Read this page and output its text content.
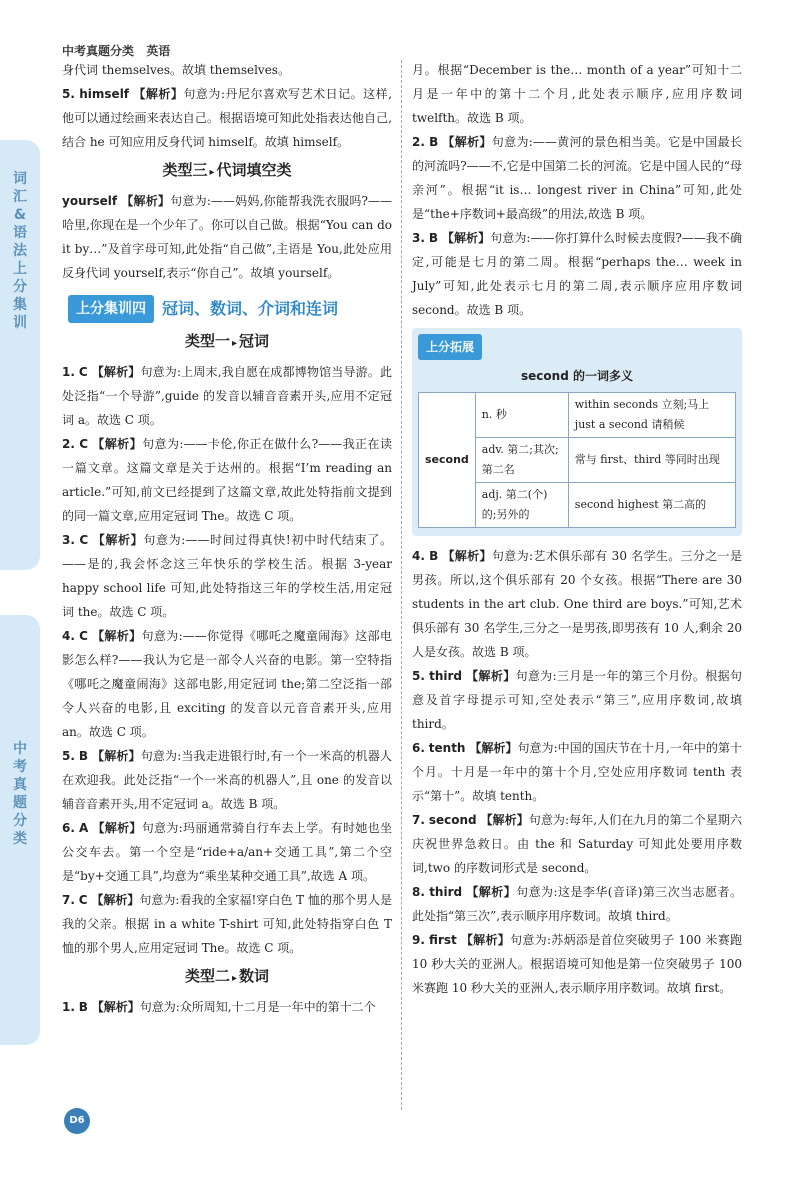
中考真题分类 英语
词汇&语法 上分集训
中考真题分类

身代词 themselves。故填 themselves。

5. himself 【解析】句意为:丹尼尔喜欢写艺术日记。这样,他可以通过绘画来表达自己。根据语境可知此处指表达他自己,结合 he 可知应用反身代词 himself。故填 himself。

类型三 ▸ 代词填空类

yourself 【解析】句意为:——妈妈,你能帮我洗衣服吗?——哈里,你现在是一个少年了。你可以自己做。根据“You can do it by…”及首字母可知,此处指“自己做”,主语是 You,此处应用反身代词 yourself,表示“你自己”。故填 yourself。

上分集训四	冠词、数词、介词和连词
类型一 ▸ 冠词

1. C 【解析】句意为:上周末,我自愿在成都博物馆当导游。此处泛指“一个导游”,guide 的发音以辅音音素开头,应用不定冠词 a。故选 C 项。

2. C 【解析】句意为:——卡伦,你正在做什么?——我正在读一篇文章。这篇文章是关于达州的。根据“I’m reading an article.”可知,前文已经提到了这篇文章,故此处特指前文提到的同一篇文章,应用定冠词 The。故选 C 项。

3. C 【解析】句意为:——时间过得真快!初中时代结束了。——是的,我会怀念这三年快乐的学校生活。根据 3-year happy school life 可知,此处特指这三年的学校生活,用定冠词 the。故选 C 项。

4. C 【解析】句意为:——你觉得《哪吒之魔童闹海》这部电影怎么样?——我认为它是一部令人兴奋的电影。第一空特指《哪吒之魔童闹海》这部电影,用定冠词 the;第二空泛指一部令人兴奋的电影,且 exciting 的发音以元音音素开头,应用 an。故选 C 项。

5. B 【解析】句意为:当我走进银行时,有一个一米高的机器人在欢迎我。此处泛指“一个一米高的机器人”,且 one 的发音以辅音音素开头,用不定冠词 a。故选 B 项。

6. A 【解析】句意为:玛丽通常骑自行车去上学。有时她也坐公交车去。第一个空是“ride+a/an+交通工具”,第二个空是“by+交通工具”,均意为“乘坐某种交通工具”,故选 A 项。

7. C 【解析】句意为:看我的全家福!穿白色 T 恤的那个男人是我的父亲。根据 in a white T-shirt 可知,此处特指穿白色 T 恤的那个男人,应用定冠词 The。故选 C 项。

类型二 ▸ 数词

1. B 【解析】句意为:众所周知,十二月是一年中的第十二个

月。根据“December is the… month of a year”可知十二月是一年中的第十二个月,此处表示顺序,应用序数词 twelfth。故选 B 项。

2. B 【解析】句意为:——黄河的景色相当美。它是中国最长的河流吗?——不,它是中国第二长的河流。它是中国人民的“母亲河”。根据“it is… longest river in China”可知,此处是“the+序数词+最高级”的用法,故选 B 项。

3. B 【解析】句意为:——你打算什么时候去度假?——我不确定,可能是七月的第二周。根据“perhaps the… week in July”可知,此处表示七月的第二周,表示顺序应用序数词 second。故选 B 项。

上分拓展
second 的一词多义
second	n. 秒	within seconds 立刻;马上 just a second 请稍候
	adv. 第二;其次;第二名	常与 first、third 等同时出现
	adj. 第二(个)的;另外的	second highest 第二高的

4. B 【解析】句意为:艺术俱乐部有 30 名学生。三分之一是男孩。所以,这个俱乐部有 20 个女孩。根据“There are 30 students in the art club. One third are boys.”可知,艺术俱乐部有 30 名学生,三分之一是男孩,即男孩有 10 人,剩余 20 人是女孩。故选 B 项。

5. third 【解析】句意为:三月是一年的第三个月份。根据句意及首字母提示可知,空处表示“第三”,应用序数词,故填 third。

6. tenth 【解析】句意为:中国的国庆节在十月,一年中的第十个月。十月是一年中的第十个月,空处应用序数词 tenth 表示“第十”。故填 tenth。

7. second 【解析】句意为:每年,人们在九月的第二个星期六庆祝世界急救日。由 the 和 Saturday 可知此处要用序数词,two 的序数词形式是 second。

8. third 【解析】句意为:这是李华(音译)第三次当志愿者。此处指“第三次”,表示顺序用序数词。故填 third。

9. first 【解析】句意为:苏炳添是首位突破男子 100 米赛跑 10 秒大关的亚洲人。根据语境可知他是第一位突破男子 100 米赛跑 10 秒大关的亚洲人,表示顺序用序数词。故填 first。

D6
